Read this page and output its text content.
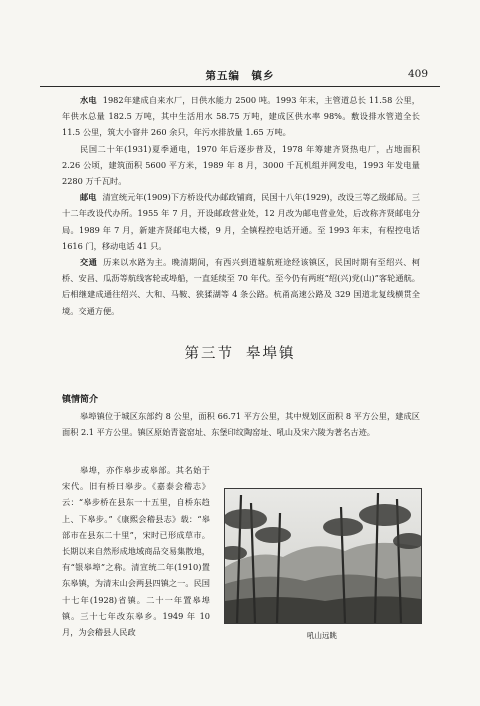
第五编　镇乡	409

水电 1982年建成自来水厂，日供水能力 2500 吨。1993 年末，主管道总长 11.58 公里，年供水总量 182.5 万吨，其中生活用水 58.75 万吨，建成区供水率 98%。敷设排水管道全长 11.5 公里，筑大小窨井 260 余只，年污水排放量 1.65 万吨。

民国二十年(1931)夏季通电，1970 年后逐步普及，1978 年筹建齐贤热电厂，占地面积 2.26 公顷，建筑面积 5600 平方米，1989 年 8 月，3000 千瓦机组并网发电，1993 年发电量 2280 万千瓦时。

邮电 清宣统元年(1909)下方桥设代办邮政铺商，民国十八年(1929)，改设三等乙级邮局。三十二年改设代办所。1955 年 7 月，开设邮政营业处，12 月改为邮电营业处，后改称齐贤邮电分局。1989 年 7 月，新建齐贤邮电大楼，9 月，全镇程控电话开通。至 1993 年末，有程控电话 1616 门，移动电话 41 只。

交通 历来以水路为主。晚清期间，有西兴到道墟航班途经该镇区，民国时期有至绍兴、柯桥、安昌、瓜沥等航线客轮或埠船，一直延续至 70 年代。至今仍有两班“绍(兴)党(山)”客轮通航。后相继建成通往绍兴、大和、马鞍、狭猱湖等 4 条公路。杭甬高速公路及 329 国道北复线横贯全境。交通方便。

第三节 皋埠镇
镇情简介

皋埠镇位于城区东部约 8 公里，面积 66.71 平方公里，其中规划区面积 8 平方公里，建成区面积 2.1 平方公里。镇区原始青瓷窑址、东堡印纹陶窑址、吼山及宋六陵为著名古迹。

皋埠，亦作皋步或皋部。其名始于宋代。旧有桥曰皋步。《嘉泰会稽志》云：“皋步桥在县东一十五里，自桥东趋上、下皋步。”《康熙会稽县志》载：“皋部市在县东二十里”，宋时已形成草市。长期以来自然形成地域商品交易集散地，有“银皋埠”之称。清宣统二年(1910)置东皋镇，为清末山会两县四镇之一。民国十七年(1928)省镇。二十一年置皋埠镇。三十七年改东皋乡。1949 年 10 月，为会稽县人民政	吼山远眺
